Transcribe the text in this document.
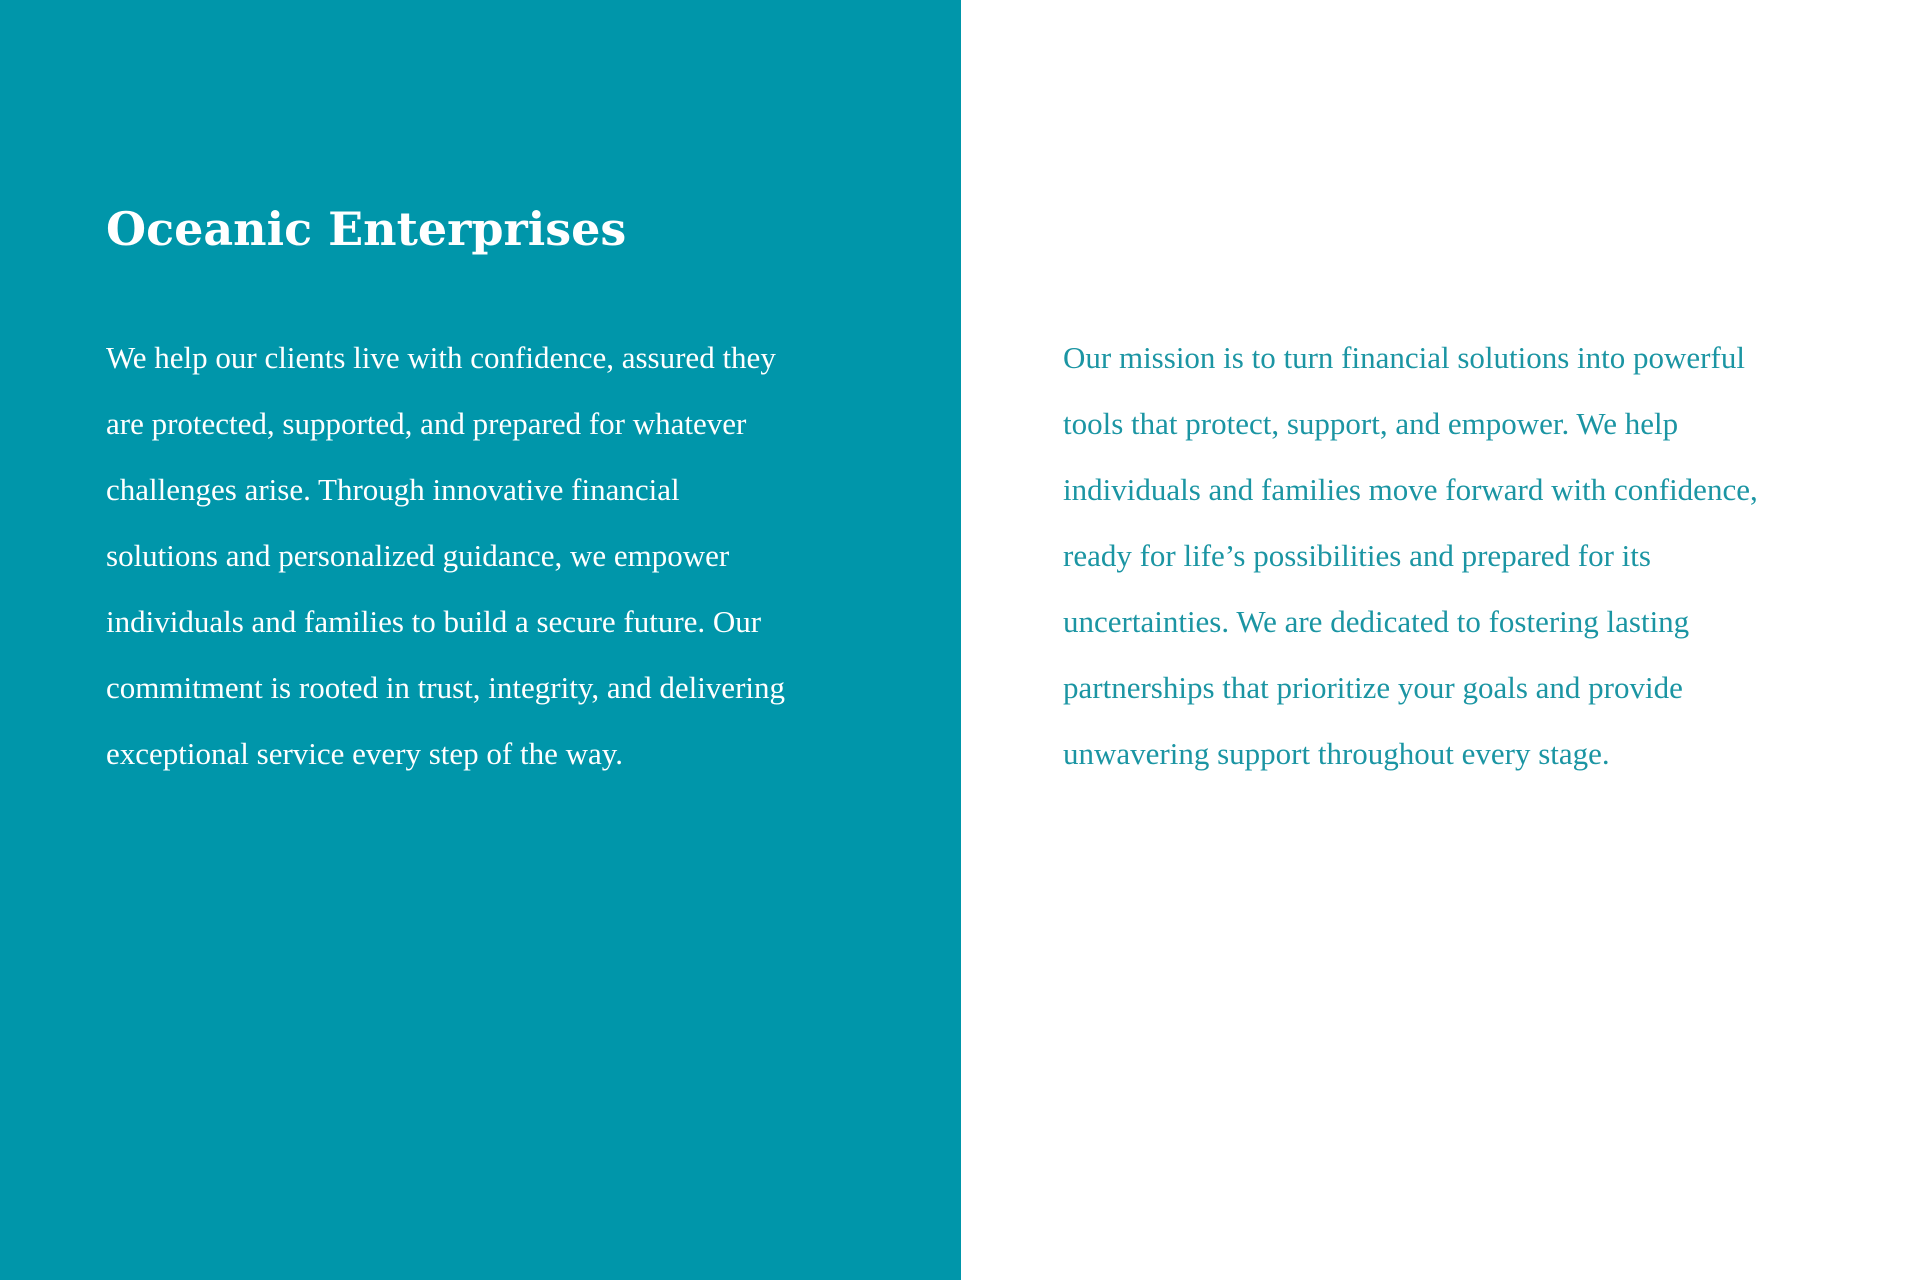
Oceanic Enterprises

We help our clients live with confidence, assured they
are protected, supported, and prepared for whatever
challenges arise. Through innovative financial
solutions and personalized guidance, we empower
individuals and families to build a secure future. Our
commitment is rooted in trust, integrity, and delivering
exceptional service every step of the way.

Our mission is to turn financial solutions into powerful
tools that protect, support, and empower. We help
individuals and families move forward with confidence,
ready for life’s possibilities and prepared for its
uncertainties. We are dedicated to fostering lasting
partnerships that prioritize your goals and provide
unwavering support throughout every stage.
